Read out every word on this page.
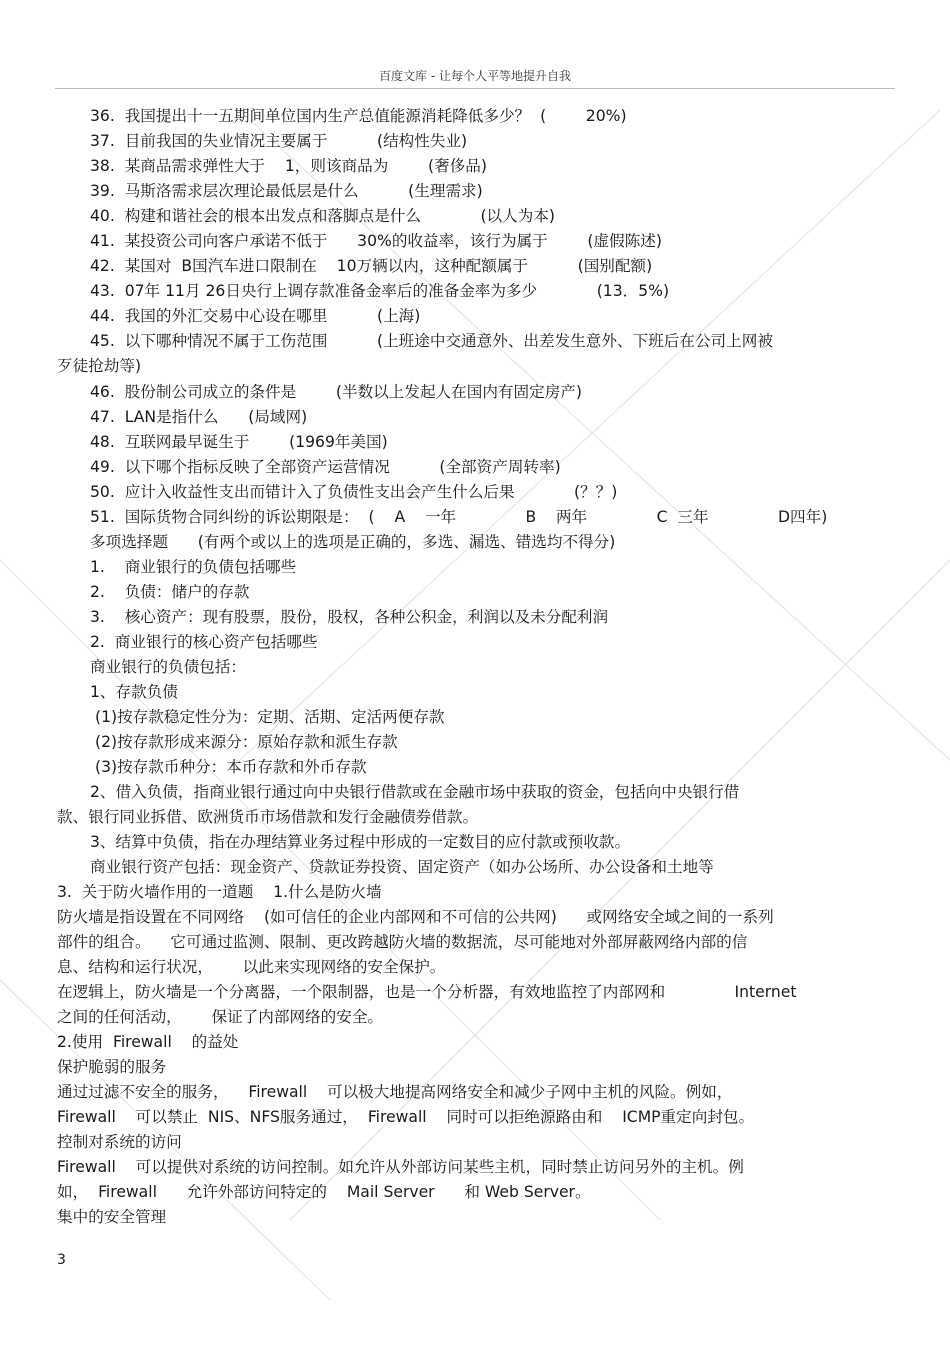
百度文库 - 让每个人平等地提升自我
36.  我国提出十一五期间单位国内生产总值能源消耗降低多少？  (        20%)
37.  目前我国的失业情况主要属于          (结构性失业)
38.  某商品需求弹性大于    1，则该商品为        (奢侈品)
39.  马斯洛需求层次理论最低层是什么          (生理需求)
40.  构建和谐社会的根本出发点和落脚点是什么            (以人为本)
41.  某投资公司向客户承诺不低于      30%的收益率，该行为属于        (虚假陈述)
42.  某国对  B国汽车进口限制在    10万辆以内，这种配额属于          (国别配额)
43.  07年 11月 26日央行上调存款准备金率后的准备金率为多少            (13．5%)
44.  我国的外汇交易中心设在哪里          (上海)
45.  以下哪种情况不属于工伤范围          (上班途中交通意外、出差发生意外、下班后在公司上网被
歹徒抢劫等)
46.  股份制公司成立的条件是        (半数以上发起人在国内有固定房产)
47.  LAN是指什么      (局域网)
48.  互联网最早诞生于        (1969年美国)
49.  以下哪个指标反映了全部资产运营情况          (全部资产周转率)
50.  应计入收益性支出而错计入了负债性支出会产生什么后果            (？？)
51.  国际货物合同纠纷的诉讼期限是：  (    A    一年              B    两年              C  三年              D四年)
多项选择题      (有两个或以上的选项是正确的，多选、漏选、错选均不得分)
1.    商业银行的负债包括哪些
2.    负债：储户的存款
3.    核心资产：现有股票，股份，股权，各种公积金，利润以及未分配利润
2.  商业银行的核心资产包括哪些
商业银行的负债包括：
1、存款负债
(1)按存款稳定性分为：定期、活期、定活两便存款
(2)按存款形成来源分：原始存款和派生存款
(3)按存款币种分：本币存款和外币存款
2、借入负债，指商业银行通过向中央银行借款或在金融市场中获取的资金，包括向中央银行借
款、银行同业拆借、欧洲货币市场借款和发行金融债券借款。
3、结算中负债，指在办理结算业务过程中形成的一定数目的应付款或预收款。
商业银行资产包括：现金资产、贷款证券投资、固定资产（如办公场所、办公设备和土地等
3.  关于防火墙作用的一道题    1.什么是防火墙
防火墙是指设置在不同网络    (如可信任的企业内部网和不可信的公共网)      或网络安全域之间的一系列
部件的组合。    它可通过监测、限制、更改跨越防火墙的数据流，尽可能地对外部屏蔽网络内部的信
息、结构和运行状况，      以此来实现网络的安全保护。
在逻辑上，防火墙是一个分离器，一个限制器，也是一个分析器，有效地监控了内部网和              Internet
之间的任何活动，      保证了内部网络的安全。
2.使用  Firewall    的益处
保护脆弱的服务
通过过滤不安全的服务，    Firewall    可以极大地提高网络安全和减少子网中主机的风险。例如，
Firewall    可以禁止  NIS、NFS服务通过，  Firewall    同时可以拒绝源路由和    ICMP重定向封包。
控制对系统的访问
Firewall    可以提供对系统的访问控制。如允许从外部访问某些主机，同时禁止访问另外的主机。例
如，  Firewall      允许外部访问特定的    Mail Server      和 Web Server。
集中的安全管理
3
